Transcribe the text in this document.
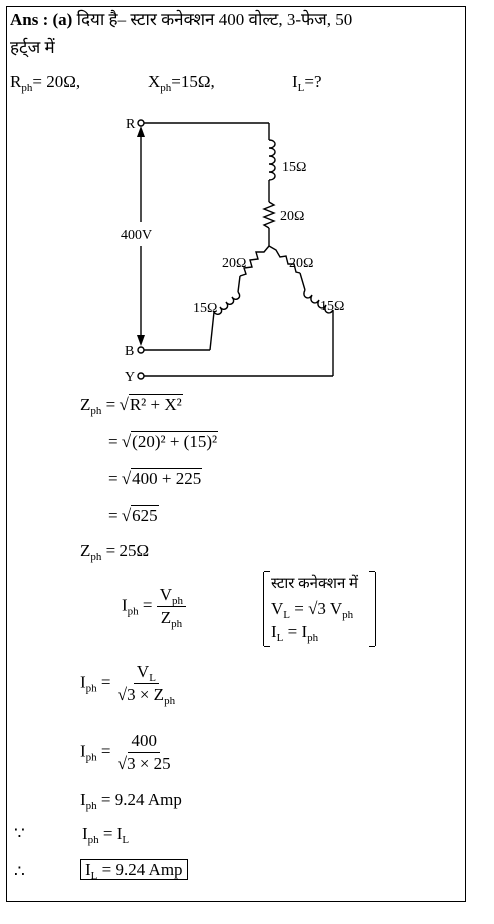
Ans : (a) दिया है– स्टार कनेक्शन 400 वोल्ट, 3-फेज, 50
हर्ट्ज में
$R_{ph}= 20\Omega$,	$X_{ph}=15\Omega$,	$I_L=$?
R
B
Y
400V
15Ω
20Ω
20Ω	20Ω
15Ω	15Ω
$Z_{ph} = √R^2 + X^2$
= √(20)² + (15)²
= √400 + 225
= √625
$Z_{ph} = 25\Omega$
$I_{ph} = \frac{V_{ph}}{Z_{ph}}$
स्टार कनेक्शन में
$V_L = √3$ $V_{ph}$
$I_L = I_{ph}$
$I_{ph} = \frac{V_L}{√3 \times Z_{ph}}$
$I_{ph} = \frac{400}{√3 \times 25}$
$I_{ph} = 9.24$ Amp
∵	$I_{ph} = I_L$
∴	$I_L = 9.24$ Amp
